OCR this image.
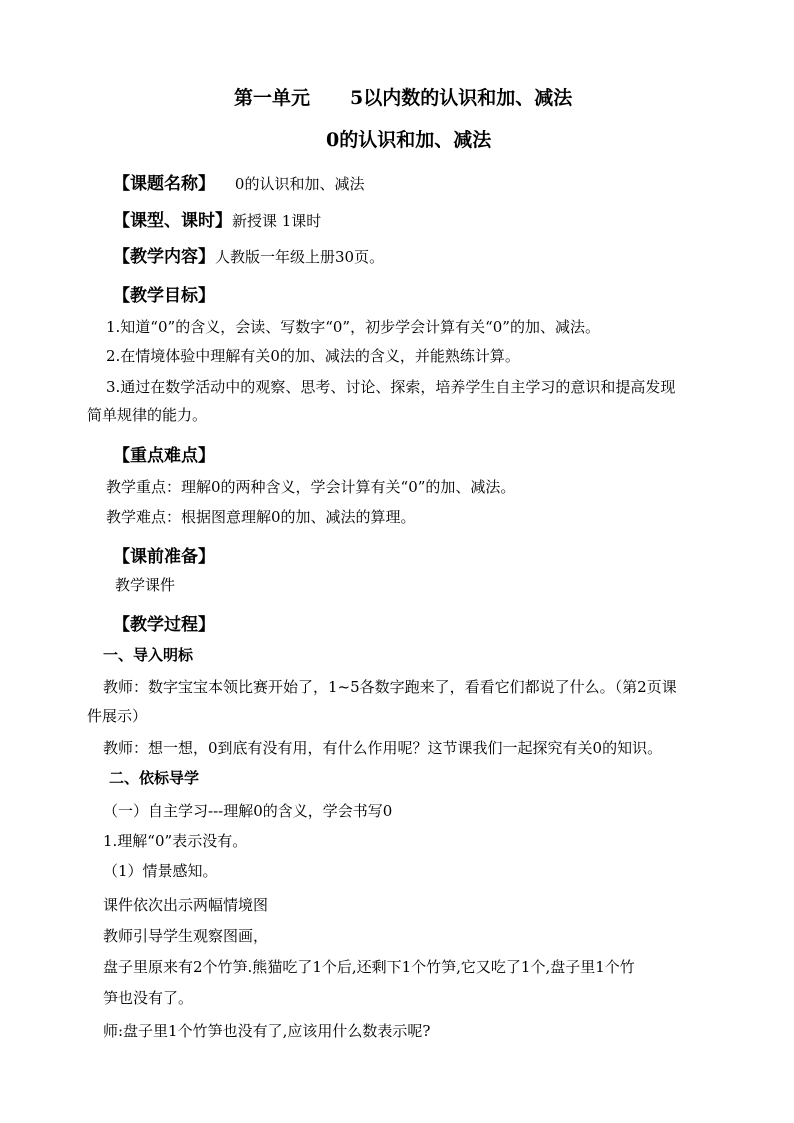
第一单元 5以内数的认识和加、减法
0的认识和加、减法
【课题名称】 0的认识和加、减法
【课型、课时】新授课 1课时
【教学内容】人教版一年级上册30页。
【教学目标】
1.知道“0”的含义，会读、写数字“0”，初步学会计算有关“0”的加、减法。
2.在情境体验中理解有关0的加、减法的含义，并能熟练计算。
3.通过在数学活动中的观察、思考、讨论、探索，培养学生自主学习的意识和提高发现
简单规律的能力。
【重点难点】
教学重点：理解0的两种含义，学会计算有关“0”的加、减法。
教学难点：根据图意理解0的加、减法的算理。
【课前准备】
教学课件
【教学过程】
一、导入明标
教师：数字宝宝本领比赛开始了，1~5各数字跑来了，看看它们都说了什么。（第2页课
件展示）
教师：想一想，0到底有没有用，有什么作用呢？这节课我们一起探究有关0的知识。
二、依标导学
（一）自主学习---理解0的含义，学会书写0
1.理解“0”表示没有。
（1）情景感知。
课件依次出示两幅情境图
教师引导学生观察图画，
盘子里原来有2个竹笋.熊猫吃了1个后,还剩下1个竹笋,它又吃了1个,盘子里1个竹
笋也没有了。
师:盘子里1个竹笋也没有了,应该用什么数表示呢?
